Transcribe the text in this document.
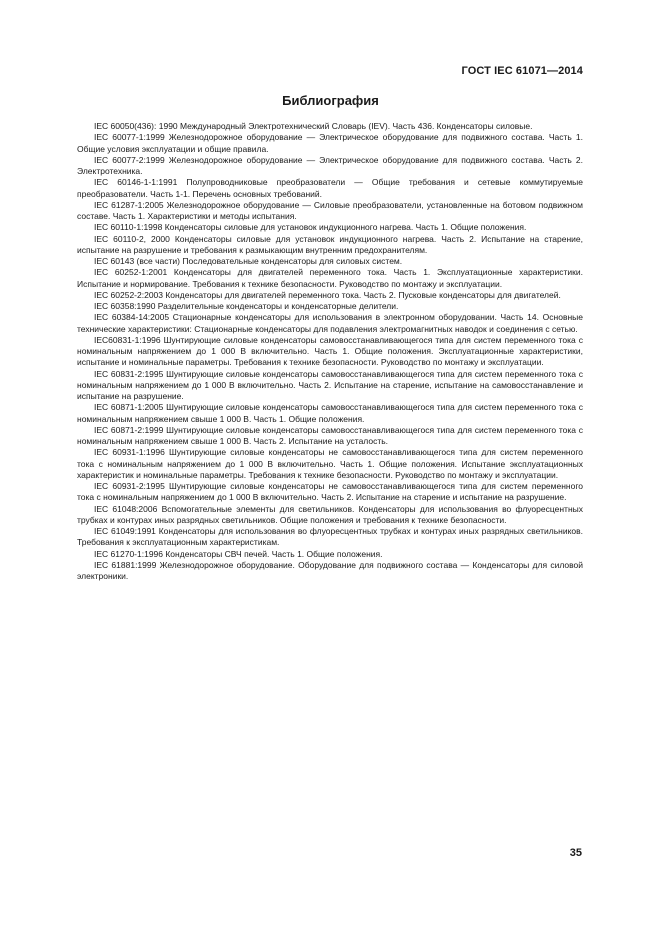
ГОСТ IEC 61071—2014
Библиография

IEC 60050(436): 1990 Международный Электротехнический Словарь (IEV). Часть 436. Конденсаторы силовые.

IEC 60077-1:1999 Железнодорожное оборудование — Электрическое оборудование для подвижного состава. Часть 1. Общие условия эксплуатации и общие правила.

IEC 60077-2:1999 Железнодорожное оборудование — Электрическое оборудование для подвижного состава. Часть 2. Электротехника.

IEC 60146-1-1:1991 Полупроводниковые преобразователи — Общие требования и сетевые коммутируемые преобразователи. Часть 1-1. Перечень основных требований.

IEC 61287-1:2005 Железнодорожное оборудование — Силовые преобразователи, установленные на ботовом подвижном составе. Часть 1. Характеристики и методы испытания.

IEC 60110-1:1998 Конденсаторы силовые для установок индукционного нагрева. Часть 1. Общие положения.

IEC 60110-2, 2000 Конденсаторы силовые для установок индукционного нагрева. Часть 2. Испытание на старение, испытание на разрушение и требования к размыкающим внутренним предохранителям.

IEC 60143 (все части) Последовательные конденсаторы для силовых систем.

IEC 60252-1:2001 Конденсаторы для двигателей переменного тока. Часть 1. Эксплуатационные характеристики. Испытание и нормирование. Требования к технике безопасности. Руководство по монтажу и эксплуатации.

IEC 60252-2:2003 Конденсаторы для двигателей переменного тока. Часть 2. Пусковые конденсаторы для двигателей.

IEC 60358:1990 Разделительные конденсаторы и конденсаторные делители.

IEC 60384-14:2005 Стационарные конденсаторы для использования в электронном оборудовании. Часть 14. Основные технические характеристики: Стационарные конденсаторы для подавления электромагнитных наводок и соединения с сетью.

IEC60831-1:1996 Шунтирующие силовые конденсаторы самовосстанавливающегося типа для систем переменного тока с номинальным напряжением до 1 000 В включительно. Часть 1. Общие положения. Эксплуатационные характеристики, испытание и номинальные параметры. Требования к технике безопасности. Руководство по монтажу и эксплуатации.

IEC 60831-2:1995 Шунтирующие силовые конденсаторы самовосстанавливающегося типа для систем переменного тока с номинальным напряжением до 1 000 В включительно. Часть 2. Испытание на старение, испытание на самовосстанавление и испытание на разрушение.

IEC 60871-1:2005 Шунтирующие силовые конденсаторы самовосстанавливающегося типа для систем переменного тока с номинальным напряжением свыше 1 000 В. Часть 1. Общие положения.

IEC 60871-2:1999 Шунтирующие силовые конденсаторы самовосстанавливающегося типа для систем переменного тока с номинальным напряжением свыше 1 000 В. Часть 2. Испытание на усталость.

IEC 60931-1:1996 Шунтирующие силовые конденсаторы не самовосстанавливающегося типа для систем переменного тока с номинальным напряжением до 1 000 В включительно. Часть 1. Общие положения. Испытание эксплуатационных характеристик и номинальные параметры. Требования к технике безопасности. Руководство по монтажу и эксплуатации.

IEC 60931-2:1995 Шунтирующие силовые конденсаторы не самовосстанавливающегося типа для систем переменного тока с номинальным напряжением до 1 000 В включительно. Часть 2. Испытание на старение и испытание на разрушение.

IEC 61048:2006 Вспомогательные элементы для светильников. Конденсаторы для использования во флуоресцентных трубках и контурах иных разрядных светильников. Общие положения и требования к технике безопасности.

IEC 61049:1991 Конденсаторы для использования во флуоресцентных трубках и контурах иных разрядных светильников. Требования к эксплуатационным характеристикам.

IEC 61270-1:1996 Конденсаторы СВЧ печей. Часть 1. Общие положения.

IEC 61881:1999 Железнодорожное оборудование. Оборудование для подвижного состава — Конденсаторы для силовой электроники.

35
